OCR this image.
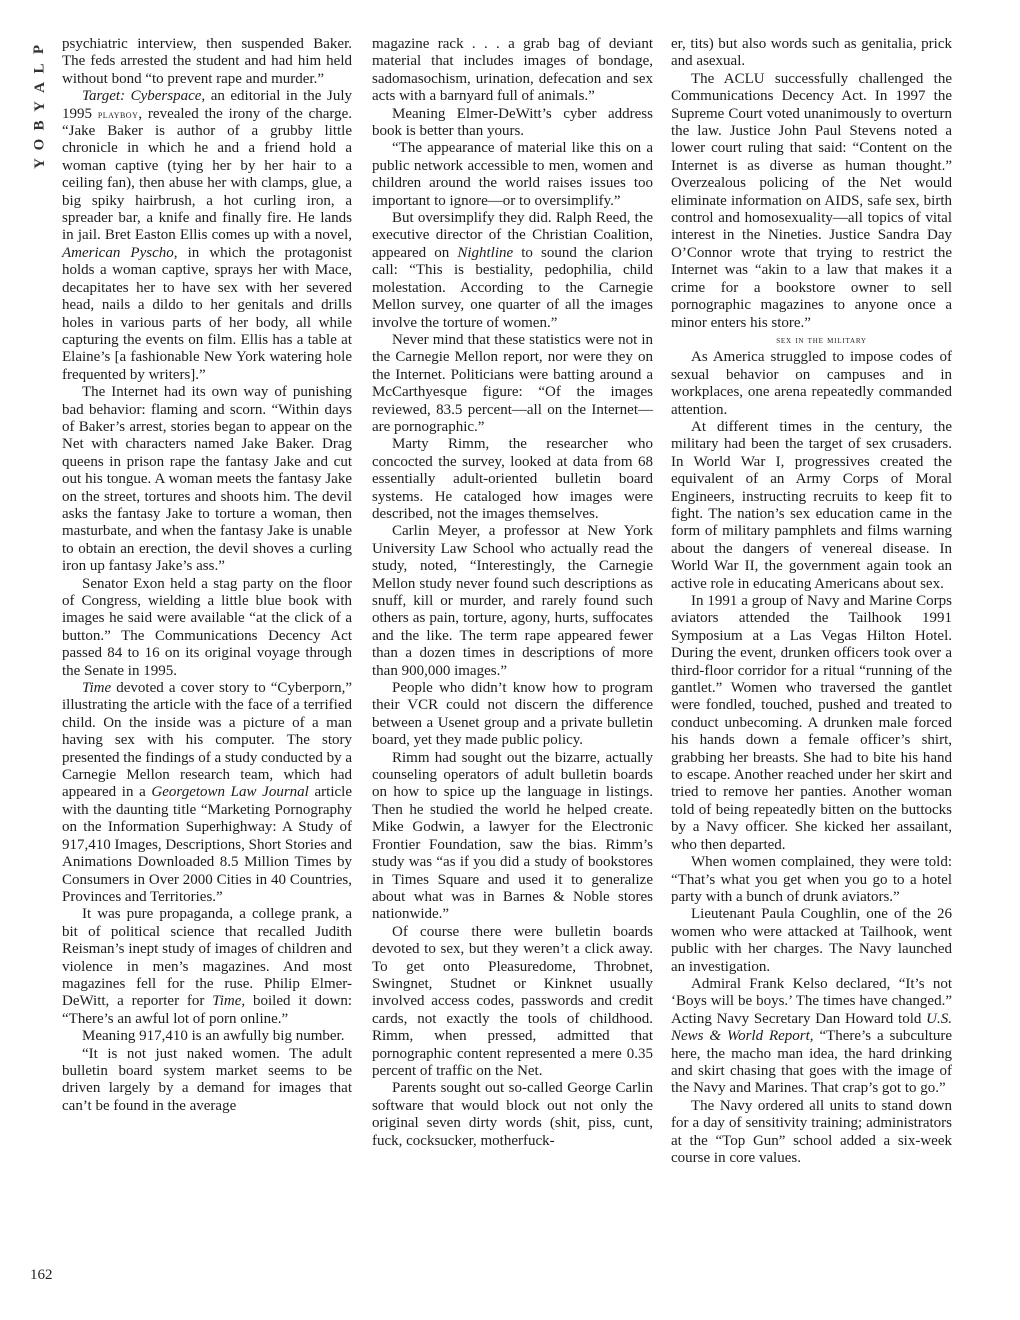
P
L
A
Y
B
O
Y

psychiatric interview, then suspended Baker. The feds arrested the student and had him held without bond “to prevent rape and murder.”

Target: Cyberspace, an editorial in the July 1995 playboy, revealed the irony of the charge. “Jake Baker is author of a grubby little chronicle in which he and a friend hold a woman captive (tying her by her hair to a ceiling fan), then abuse her with clamps, glue, a big spiky hairbrush, a hot curling iron, a spreader bar, a knife and finally fire. He lands in jail. Bret Easton Ellis comes up with a novel, American Pyscho, in which the protagonist holds a woman captive, sprays her with Mace, decapitates her to have sex with her severed head, nails a dildo to her genitals and drills holes in various parts of her body, all while capturing the events on film. Ellis has a table at Elaine’s [a fashionable New York watering hole frequented by writers].”

The Internet had its own way of punishing bad behavior: flaming and scorn. “Within days of Baker’s arrest, stories began to appear on the Net with characters named Jake Baker. Drag queens in prison rape the fantasy Jake and cut out his tongue. A woman meets the fantasy Jake on the street, tortures and shoots him. The devil asks the fantasy Jake to torture a woman, then masturbate, and when the fantasy Jake is unable to obtain an erection, the devil shoves a curling iron up fantasy Jake’s ass.”

Senator Exon held a stag party on the floor of Congress, wielding a little blue book with images he said were available “at the click of a button.” The Communications Decency Act passed 84 to 16 on its original voyage through the Senate in 1995.

Time devoted a cover story to “Cyberporn,” illustrating the article with the face of a terrified child. On the inside was a picture of a man having sex with his computer. The story presented the findings of a study conducted by a Carnegie Mellon research team, which had appeared in a Georgetown Law Journal article with the daunting title “Marketing Pornography on the Information Superhighway: A Study of 917,410 Images, Descriptions, Short Stories and Animations Downloaded 8.5 Million Times by Consumers in Over 2000 Cities in 40 Countries, Provinces and Territories.”

It was pure propaganda, a college prank, a bit of political science that recalled Judith Reisman’s inept study of images of children and violence in men’s magazines. And most magazines fell for the ruse. Philip Elmer-DeWitt, a reporter for Time, boiled it down: “There’s an awful lot of porn online.”

Meaning 917,410 is an awfully big number.

“It is not just naked women. The adult bulletin board system market seems to be driven largely by a demand for images that can’t be found in the average

magazine rack . . . a grab bag of deviant material that includes images of bondage, sadomasochism, urination, defecation and sex acts with a barnyard full of animals.”

Meaning Elmer-DeWitt’s cyber address book is better than yours.

“The appearance of material like this on a public network accessible to men, women and children around the world raises issues too important to ignore—or to oversimplify.”

But oversimplify they did. Ralph Reed, the executive director of the Christian Coalition, appeared on Nightline to sound the clarion call: “This is bestiality, pedophilia, child molestation. According to the Carnegie Mellon survey, one quarter of all the images involve the torture of women.”

Never mind that these statistics were not in the Carnegie Mellon report, nor were they on the Internet. Politicians were batting around a McCarthyesque figure: “Of the images reviewed, 83.5 percent—all on the Internet—are pornographic.”

Marty Rimm, the researcher who concocted the survey, looked at data from 68 essentially adult-oriented bulletin board systems. He cataloged how images were described, not the images themselves.

Carlin Meyer, a professor at New York University Law School who actually read the study, noted, “Interestingly, the Carnegie Mellon study never found such descriptions as snuff, kill or murder, and rarely found such others as pain, torture, agony, hurts, suffocates and the like. The term rape appeared fewer than a dozen times in descriptions of more than 900,000 images.”

People who didn’t know how to program their VCR could not discern the difference between a Usenet group and a private bulletin board, yet they made public policy.

Rimm had sought out the bizarre, actually counseling operators of adult bulletin boards on how to spice up the language in listings. Then he studied the world he helped create. Mike Godwin, a lawyer for the Electronic Frontier Foundation, saw the bias. Rimm’s study was “as if you did a study of bookstores in Times Square and used it to generalize about what was in Barnes & Noble stores nationwide.”

Of course there were bulletin boards devoted to sex, but they weren’t a click away. To get onto Pleasuredome, Throbnet, Swingnet, Studnet or Kinknet usually involved access codes, passwords and credit cards, not exactly the tools of childhood. Rimm, when pressed, admitted that pornographic content represented a mere 0.35 percent of traffic on the Net.

Parents sought out so-called George Carlin software that would block out not only the original seven dirty words (shit, piss, cunt, fuck, cocksucker, motherfuck-

er, tits) but also words such as genitalia, prick and asexual.

The ACLU successfully challenged the Communications Decency Act. In 1997 the Supreme Court voted unanimously to overturn the law. Justice John Paul Stevens noted a lower court ruling that said: “Content on the Internet is as diverse as human thought.” Overzealous policing of the Net would eliminate information on AIDS, safe sex, birth control and homosexuality—all topics of vital interest in the Nineties. Justice Sandra Day O’Connor wrote that trying to restrict the Internet was “akin to a law that makes it a crime for a bookstore owner to sell pornographic magazines to anyone once a minor enters his store.”

sex in the military

As America struggled to impose codes of sexual behavior on campuses and in workplaces, one arena repeatedly commanded attention.

At different times in the century, the military had been the target of sex crusaders. In World War I, progressives created the equivalent of an Army Corps of Moral Engineers, instructing recruits to keep fit to fight. The nation’s sex education came in the form of military pamphlets and films warning about the dangers of venereal disease. In World War II, the government again took an active role in educating Americans about sex.

In 1991 a group of Navy and Marine Corps aviators attended the Tailhook 1991 Symposium at a Las Vegas Hilton Hotel. During the event, drunken officers took over a third-floor corridor for a ritual “running of the gantlet.” Women who traversed the gantlet were fondled, touched, pushed and treated to conduct unbecoming. A drunken male forced his hands down a female officer’s shirt, grabbing her breasts. She had to bite his hand to escape. Another reached under her skirt and tried to remove her panties. Another woman told of being repeatedly bitten on the buttocks by a Navy officer. She kicked her assailant, who then departed.

When women complained, they were told: “That’s what you get when you go to a hotel party with a bunch of drunk aviators.”

Lieutenant Paula Coughlin, one of the 26 women who were attacked at Tailhook, went public with her charges. The Navy launched an investigation.

Admiral Frank Kelso declared, “It’s not ‘Boys will be boys.’ The times have changed.” Acting Navy Secretary Dan Howard told U.S. News & World Report, “There’s a subculture here, the macho man idea, the hard drinking and skirt chasing that goes with the image of the Navy and Marines. That crap’s got to go.”

The Navy ordered all units to stand down for a day of sensitivity training; administrators at the “Top Gun” school added a six-week course in core values.

162
